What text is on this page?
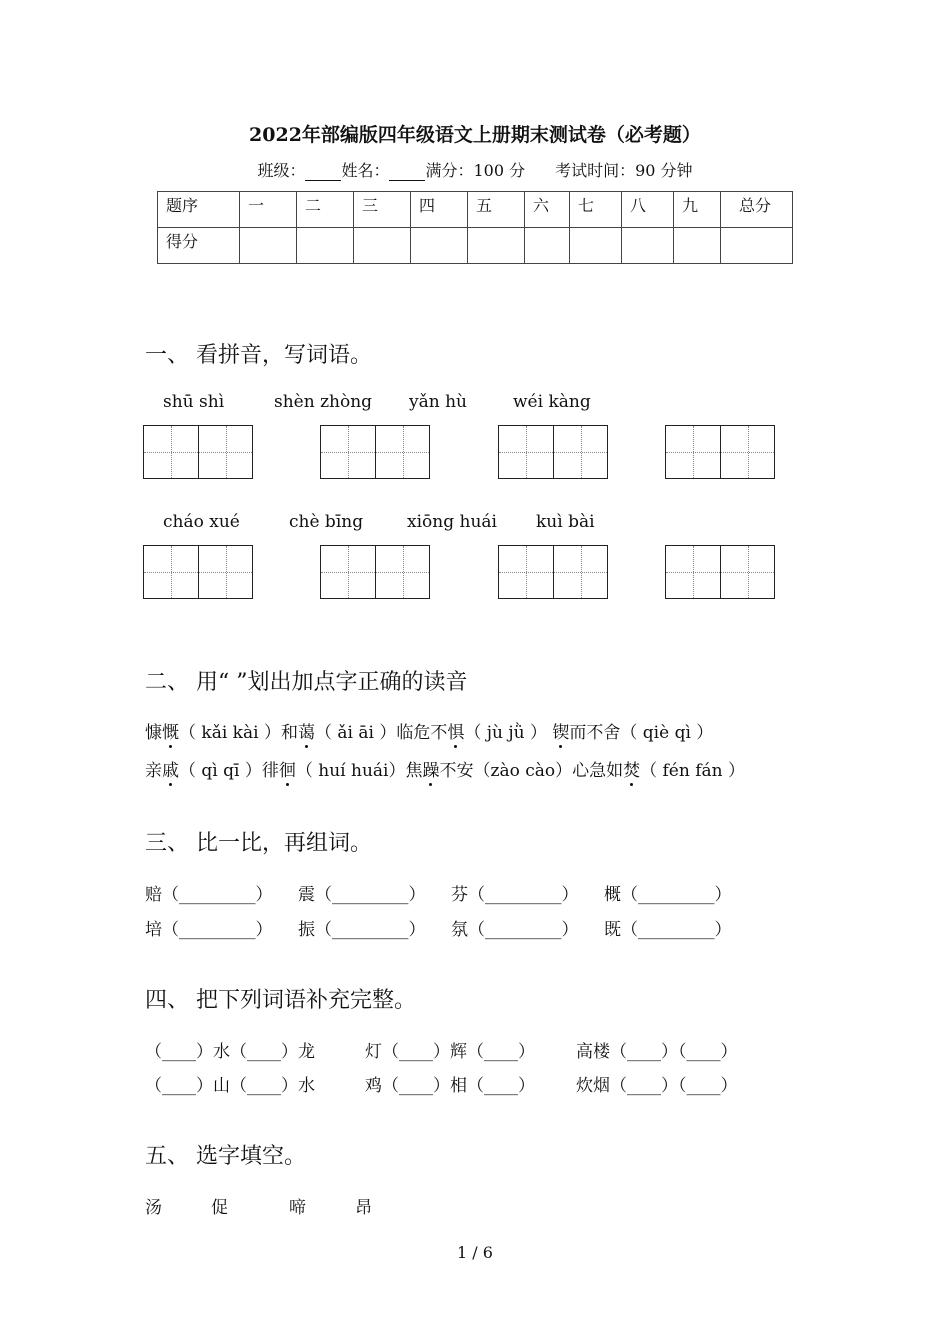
2022年部编版四年级语文上册期末测试卷（必考题）
班级： 姓名： 满分：100 分 考试时间：90 分钟
题序	一	二	三	四	五	六	七	八	九	总分
得分										
一、 看拼音，写词语。
shū shì	shèn zhòng yǎn hù	wéi kàng
cháo xué	chè bīng	xiōng huái kuì bài
二、 用“ ”划出加点字正确的读音
慷慨（ kǎi kài ）和蔼（ ǎi āi ）临危不惧（ jù jǜ ） 锲而不舍（ qiè qì ）
亲戚（ qì qī ）徘徊（ huí huái）焦躁不安（zào cào）心急如焚（ fén fán ）
三、 比一比，再组词。
赔（_________） 震（_________） 芬（_________） 概（_________）
培（_________） 振（_________） 氛（_________） 既（_________）
四、 把下列词语补充完整。
（____）水（____）龙	灯（____）辉（____） 高楼（____）（____）
（____）山（____）水	鸡（____）相（____） 炊烟（____）（____）
五、 选字填空。
汤	促	啼	昂
1 / 6
